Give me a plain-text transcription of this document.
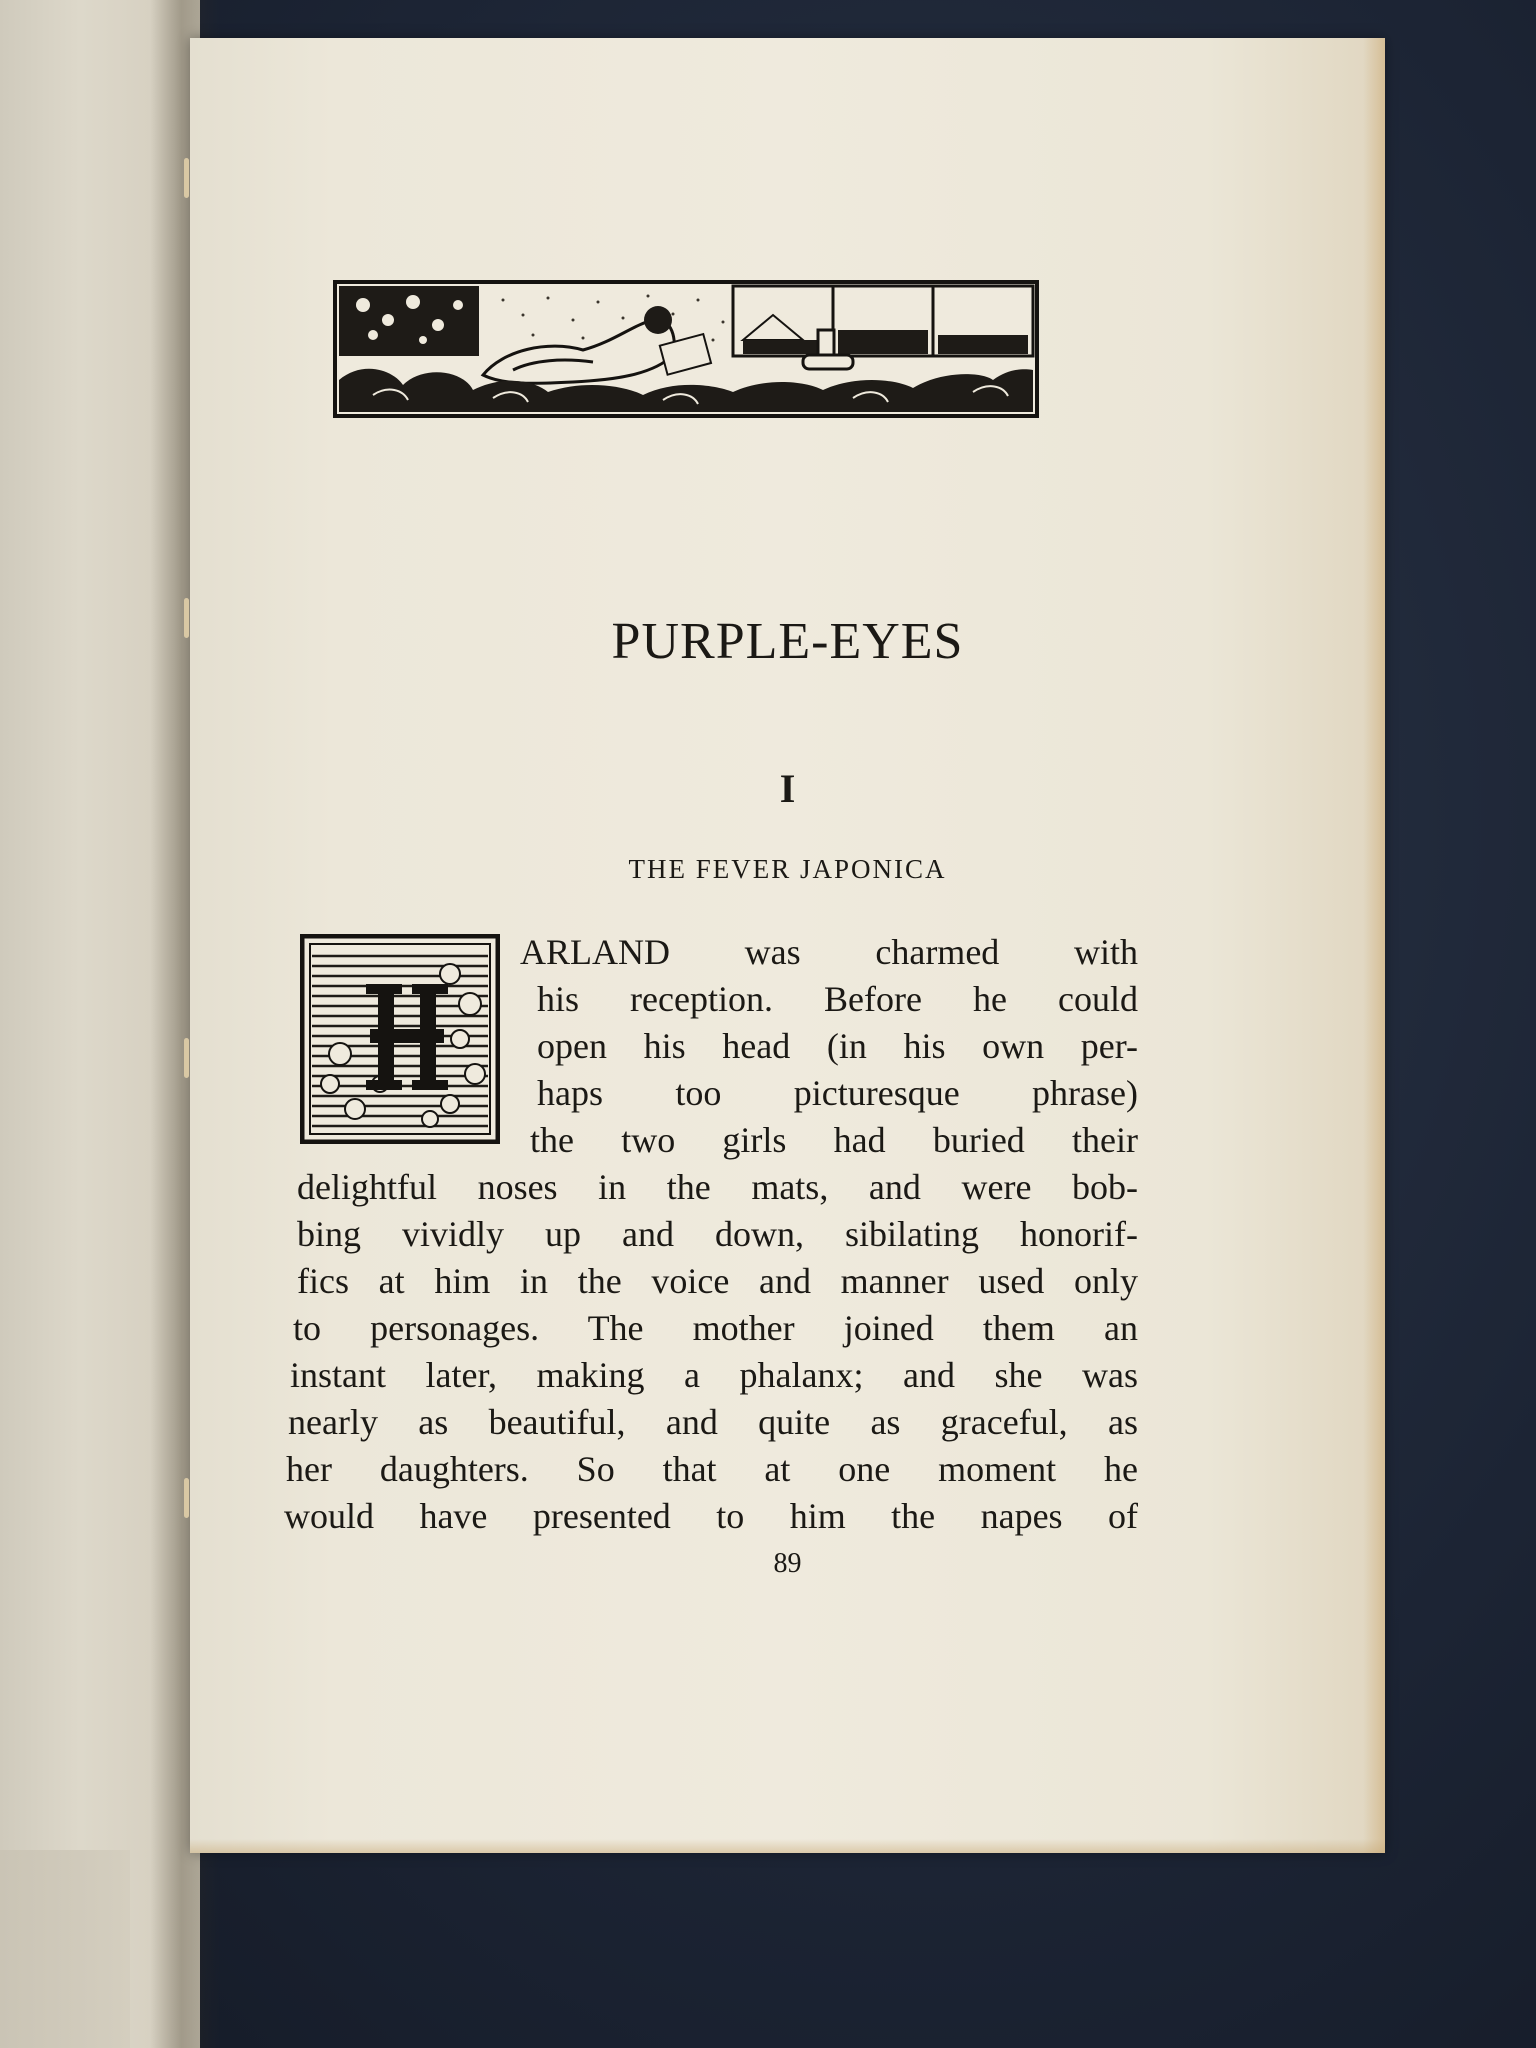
PURPLE-EYES
I
THE FEVER JAPONICA
ARLAND was charmed with
his reception. Before he could
open his head (in his own per-
haps too picturesque phrase)
the two girls had buried their
delightful noses in the mats, and were bob-
bing vividly up and down, sibilating honorif-
fics at him in the voice and manner used only
to personages. The mother joined them an
instant later, making a phalanx; and she was
nearly as beautiful, and quite as graceful, as
her daughters. So that at one moment he
would have presented to him the napes of
89
